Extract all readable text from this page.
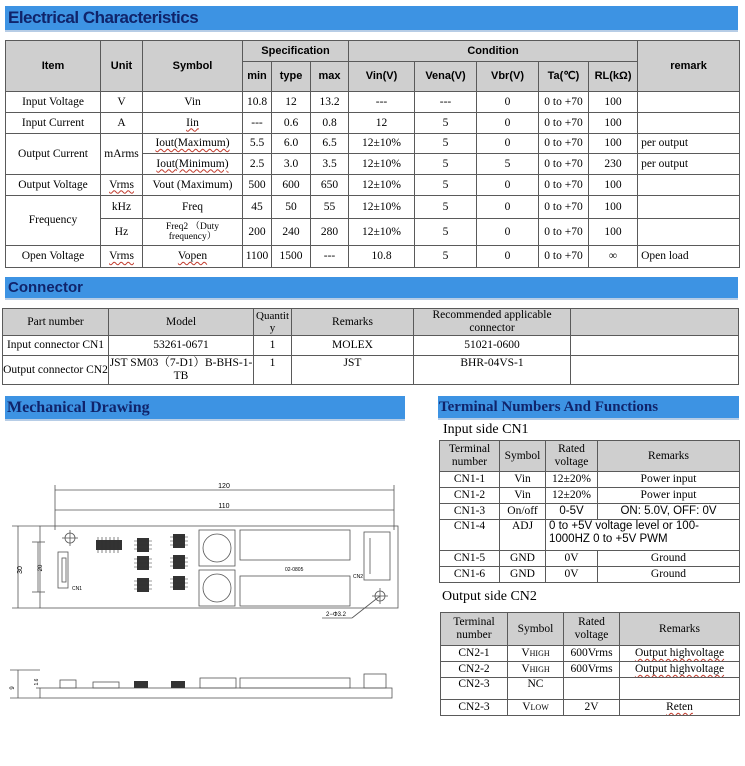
Electrical Characteristics
Item	Unit	Symbol	Specification			Condition					remark
			min	type	max	Vin(V)	Vena(V)	Vbr(V)	Ta(℃)	RL(kΩ)	
Input Voltage	V	Vin	10.8	12	13.2	---	---	0	0 to +70	100	
Input Current	A	Iin	---	0.6	0.8	12	5	0	0 to +70	100	
Output Current	mArms	Iout(Maximum)	5.5	6.0	6.5	12±10%	5	0	0 to +70	100	per output
		Iout(Minimum)	2.5	3.0	3.5	12±10%	5	5	0 to +70	230	per output
Output Voltage	Vrms	Vout (Maximum)	500	600	650	12±10%	5	0	0 to +70	100	
Frequency	kHz	Freq	45	50	55	12±10%	5	0	0 to +70	100	
	Hz	Freq2 （Duty frequency）	200	240	280	12±10%	5	0	0 to +70	100	
Open Voltage	Vrms	Vopen	1100	1500	---	10.8	5	0	0 to +70	∞	Open load
Connector
Part number	Model	Quantit y	Remarks	Recommended applicable connector	
Input connector CN1	53261-0671	1	MOLEX	51021-0600	
Output connector CN2	JST SM03（7-D1）B-BHS-1-TB	1	JST	BHR-04VS-1	
Mechanical Drawing
120
110
30 20
2−Φ3.2
02-0805
CN1
CN2
9
1.6
Terminal Numbers And Functions
Input side CN1
Terminal number	Symbol	Rated voltage	Remarks
CN1-1	Vin	12±20%	Power input
CN1-2	Vin	12±20%	Power input
CN1-3	On/off	0-5V	ON: 5.0V, OFF: 0V
CN1-4	ADJ	0 to +5V voltage level or 100-1000HZ 0 to +5V PWM	
CN1-5	GND	0V	Ground
CN1-6	GND	0V	Ground
Output side CN2
Terminal number	Symbol	Rated voltage	Remarks
CN2-1	VHIGH	600Vrms	Output highvoltage
CN2-2	VHIGH	600Vrms	Output highvoltage
CN2-3	NC		
CN2-3	VLOW	2V	Reten
